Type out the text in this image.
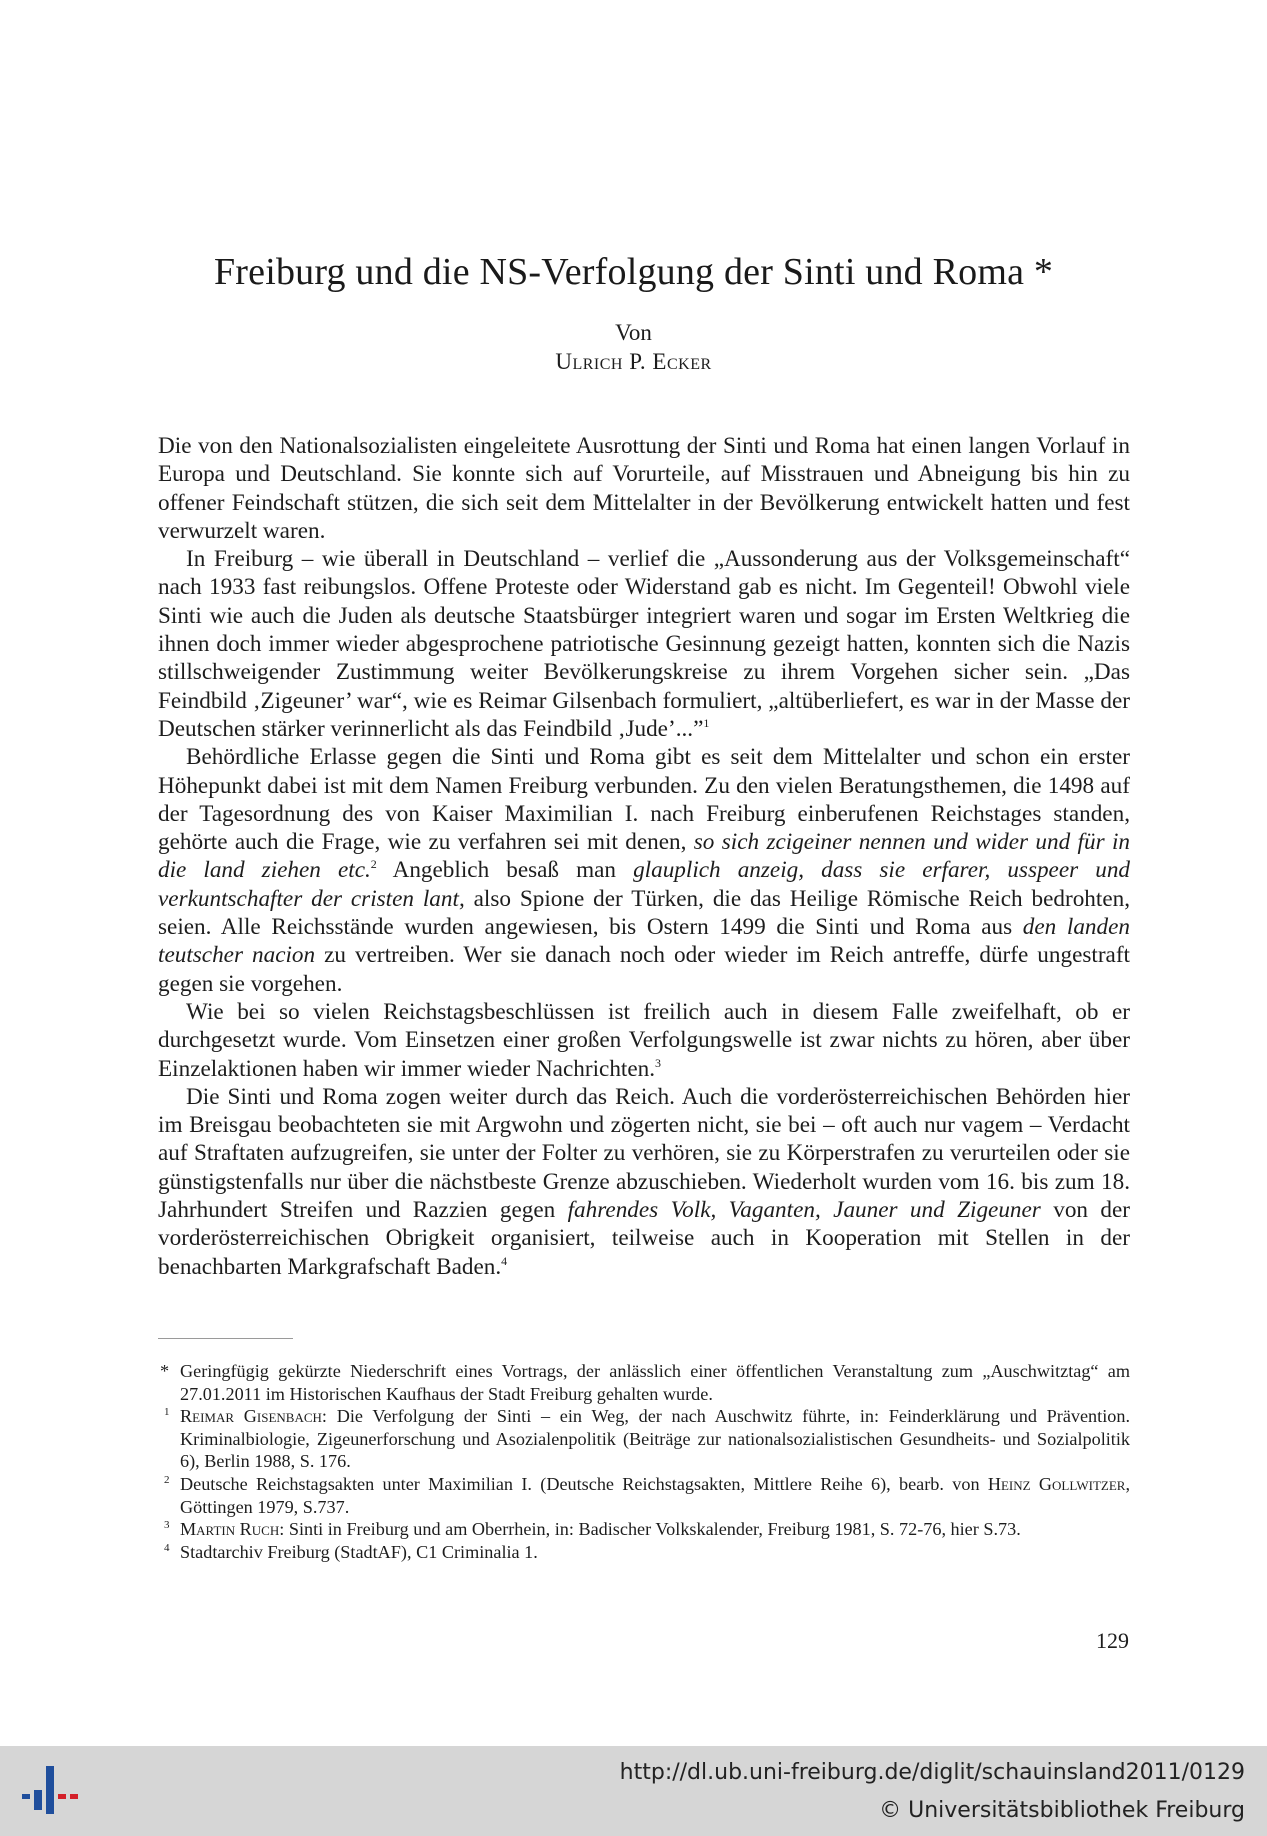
Freiburg und die NS-Verfolgung der Sinti und Roma *
Von
Ulrich P. Ecker

Die von den Nationalsozialisten eingeleitete Ausrottung der Sinti und Roma hat einen langen Vorlauf in Europa und Deutschland. Sie konnte sich auf Vorurteile, auf Misstrauen und Abneigung bis hin zu offener Feindschaft stützen, die sich seit dem Mittelalter in der Bevölkerung entwickelt hatten und fest verwurzelt waren.

In Freiburg – wie überall in Deutschland – verlief die „Aussonderung aus der Volksgemeinschaft“ nach 1933 fast reibungslos. Offene Proteste oder Widerstand gab es nicht. Im Gegenteil! Obwohl viele Sinti wie auch die Juden als deutsche Staatsbürger integriert waren und sogar im Ersten Weltkrieg die ihnen doch immer wieder abgesprochene patriotische Gesinnung gezeigt hatten, konnten sich die Nazis stillschweigender Zustimmung weiter Bevölkerungskreise zu ihrem Vorgehen sicher sein. „Das Feindbild ‚Zigeuner’ war“, wie es Reimar Gilsenbach formuliert, „altüberliefert, es war in der Masse der Deutschen stärker verinnerlicht als das Feindbild ‚Jude’...”$^1$

Behördliche Erlasse gegen die Sinti und Roma gibt es seit dem Mittelalter und schon ein erster Höhepunkt dabei ist mit dem Namen Freiburg verbunden. Zu den vielen Beratungsthemen, die 1498 auf der Tagesordnung des von Kaiser Maximilian I. nach Freiburg einberufenen Reichstages standen, gehörte auch die Frage, wie zu verfahren sei mit denen, so sich zcigeiner nennen und wider und für in die land ziehen etc.$^2$ Angeblich besaß man glauplich anzeig, dass sie erfarer, usspeer und verkuntschafter der cristen lant, also Spione der Türken, die das Heilige Römische Reich bedrohten, seien. Alle Reichsstände wurden angewiesen, bis Ostern 1499 die Sinti und Roma aus den landen teutscher nacion zu vertreiben. Wer sie danach noch oder wieder im Reich antreffe, dürfe ungestraft gegen sie vorgehen.

Wie bei so vielen Reichstagsbeschlüssen ist freilich auch in diesem Falle zweifelhaft, ob er durchgesetzt wurde. Vom Einsetzen einer großen Verfolgungswelle ist zwar nichts zu hören, aber über Einzelaktionen haben wir immer wieder Nachrichten.$^3$

Die Sinti und Roma zogen weiter durch das Reich. Auch die vorderösterreichischen Behörden hier im Breisgau beobachteten sie mit Argwohn und zögerten nicht, sie bei – oft auch nur vagem – Verdacht auf Straftaten aufzugreifen, sie unter der Folter zu verhören, sie zu Körperstrafen zu verurteilen oder sie günstigstenfalls nur über die nächstbeste Grenze abzuschieben. Wiederholt wurden vom 16. bis zum 18. Jahrhundert Streifen und Razzien gegen fahrendes Volk, Vaganten, Jauner und Zigeuner von der vorderösterreichischen Obrigkeit organisiert, teilweise auch in Kooperation mit Stellen in der benachbarten Markgrafschaft Baden.$^4$

* Geringfügig gekürzte Niederschrift eines Vortrags, der anlässlich einer öffentlichen Veranstaltung zum „Auschwitztag“ am 27.01.2011 im Historischen Kaufhaus der Stadt Freiburg gehalten wurde.
1 Reimar Gisenbach: Die Verfolgung der Sinti – ein Weg, der nach Auschwitz führte, in: Feinderklärung und Prävention. Kriminalbiologie, Zigeunerforschung und Asozialenpolitik (Beiträge zur nationalsozialistischen Gesundheits- und Sozialpolitik 6), Berlin 1988, S. 176.
2 Deutsche Reichstagsakten unter Maximilian I. (Deutsche Reichstagsakten, Mittlere Reihe 6), bearb. von Heinz Gollwitzer, Göttingen 1979, S.737.
3 Martin Ruch: Sinti in Freiburg und am Oberrhein, in: Badischer Volkskalender, Freiburg 1981, S. 72-76, hier S.73.
4 Stadtarchiv Freiburg (StadtAF), C1 Criminalia 1.
129
http://dl.ub.uni-freiburg.de/diglit/schauinsland2011/0129
© Universitätsbibliothek Freiburg
